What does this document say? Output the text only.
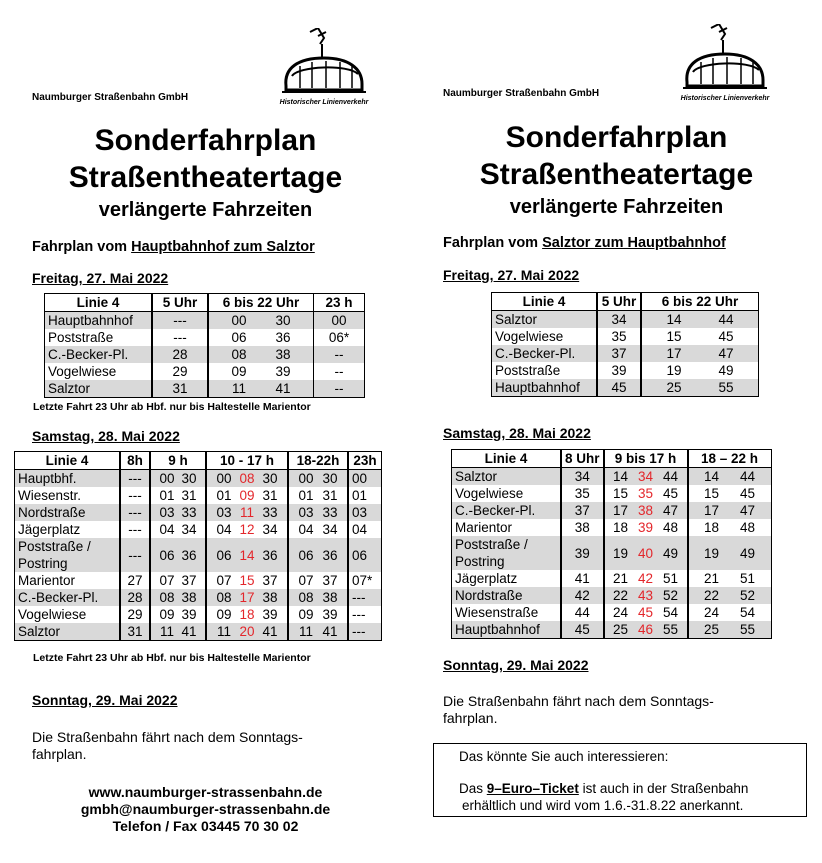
Naumburger Straßenbahn GmbH	Historischer Linienverkehr
Sonderfahrplan
Straßentheatertage
verlängerte Fahrzeiten
Fahrplan vom Hauptbahnhof zum Salztor
Freitag, 27. Mai 2022
Linie 4	5 Uhr	6 bis 22 Uhr	23 h
Hauptbahnhof	---	00 30	00
Poststraße	---	06 36	06*
C.-Becker-Pl.	28	08 38	--
Vogelwiese	29	09 39	--
Salztor	31	11 41	--
Letzte Fahrt 23 Uhr ab Hbf. nur bis Haltestelle Marientor
Samstag, 28. Mai 2022
Linie 4	8h	9 h	10 - 17 h	18-22h	23h
Hauptbhf.	---	00 30	00 08 30	00 30	00
Wiesenstr.	---	01 31	01 09 31	01 31	01
Nordstraße	---	03 33	03 11 33	03 33	03
Jägerplatz	---	04 34	04 12 34	04 34	04

Poststraße /
Postring	---	06 36	06 14 36	06 36	06
Marientor	27	07 37	07 15 37	07 37	07*
C.-Becker-Pl.	28	08 38	08 17 38	08 38	---
Vogelwiese	29	09 39	09 18 39	09 39	---
Salztor	31	11 41	11 20 41	11 41	---
Letzte Fahrt 23 Uhr ab Hbf. nur bis Haltestelle Marientor
Sonntag, 29. Mai 2022
Die Straßenbahn fährt nach dem Sonntags-
fahrplan.
www.naumburger-strassenbahn.de
gmbh@naumburger-strassenbahn.de
Telefon / Fax 03445 70 30 02
Naumburger Straßenbahn GmbH	Historischer Linienverkehr
Sonderfahrplan
Straßentheatertage
verlängerte Fahrzeiten
Fahrplan vom Salztor zum Hauptbahnhof
Freitag, 27. Mai 2022
Linie 4	5 Uhr	6 bis 22 Uhr
Salztor	34	14 44
Vogelwiese	35	15 45
C.-Becker-Pl.	37	17 47
Poststraße	39	19 49
Hauptbahnhof	45	25 55
Samstag, 28. Mai 2022
Linie 4	8 Uhr	9 bis 17 h	18 – 22 h
Salztor	34	14 34 44	14 44
Vogelwiese	35	15 35 45	15 45
C.-Becker-Pl.	37	17 38 47	17 47
Marientor	38	18 39 48	18 48

Poststraße /
Postring	39	19 40 49	19 49
Jägerplatz	41	21 42 51	21 51
Nordstraße	42	22 43 52	22 52
Wiesenstraße	44	24 45 54	24 54
Hauptbahnhof	45	25 46 55	25 55
Sonntag, 29. Mai 2022
Die Straßenbahn fährt nach dem Sonntags-
fahrplan.
Das könnte Sie auch interessieren:
Das 9–Euro–Ticket ist auch in der Straßenbahn
erhältlich und wird vom 1.6.-31.8.22 anerkannt.
